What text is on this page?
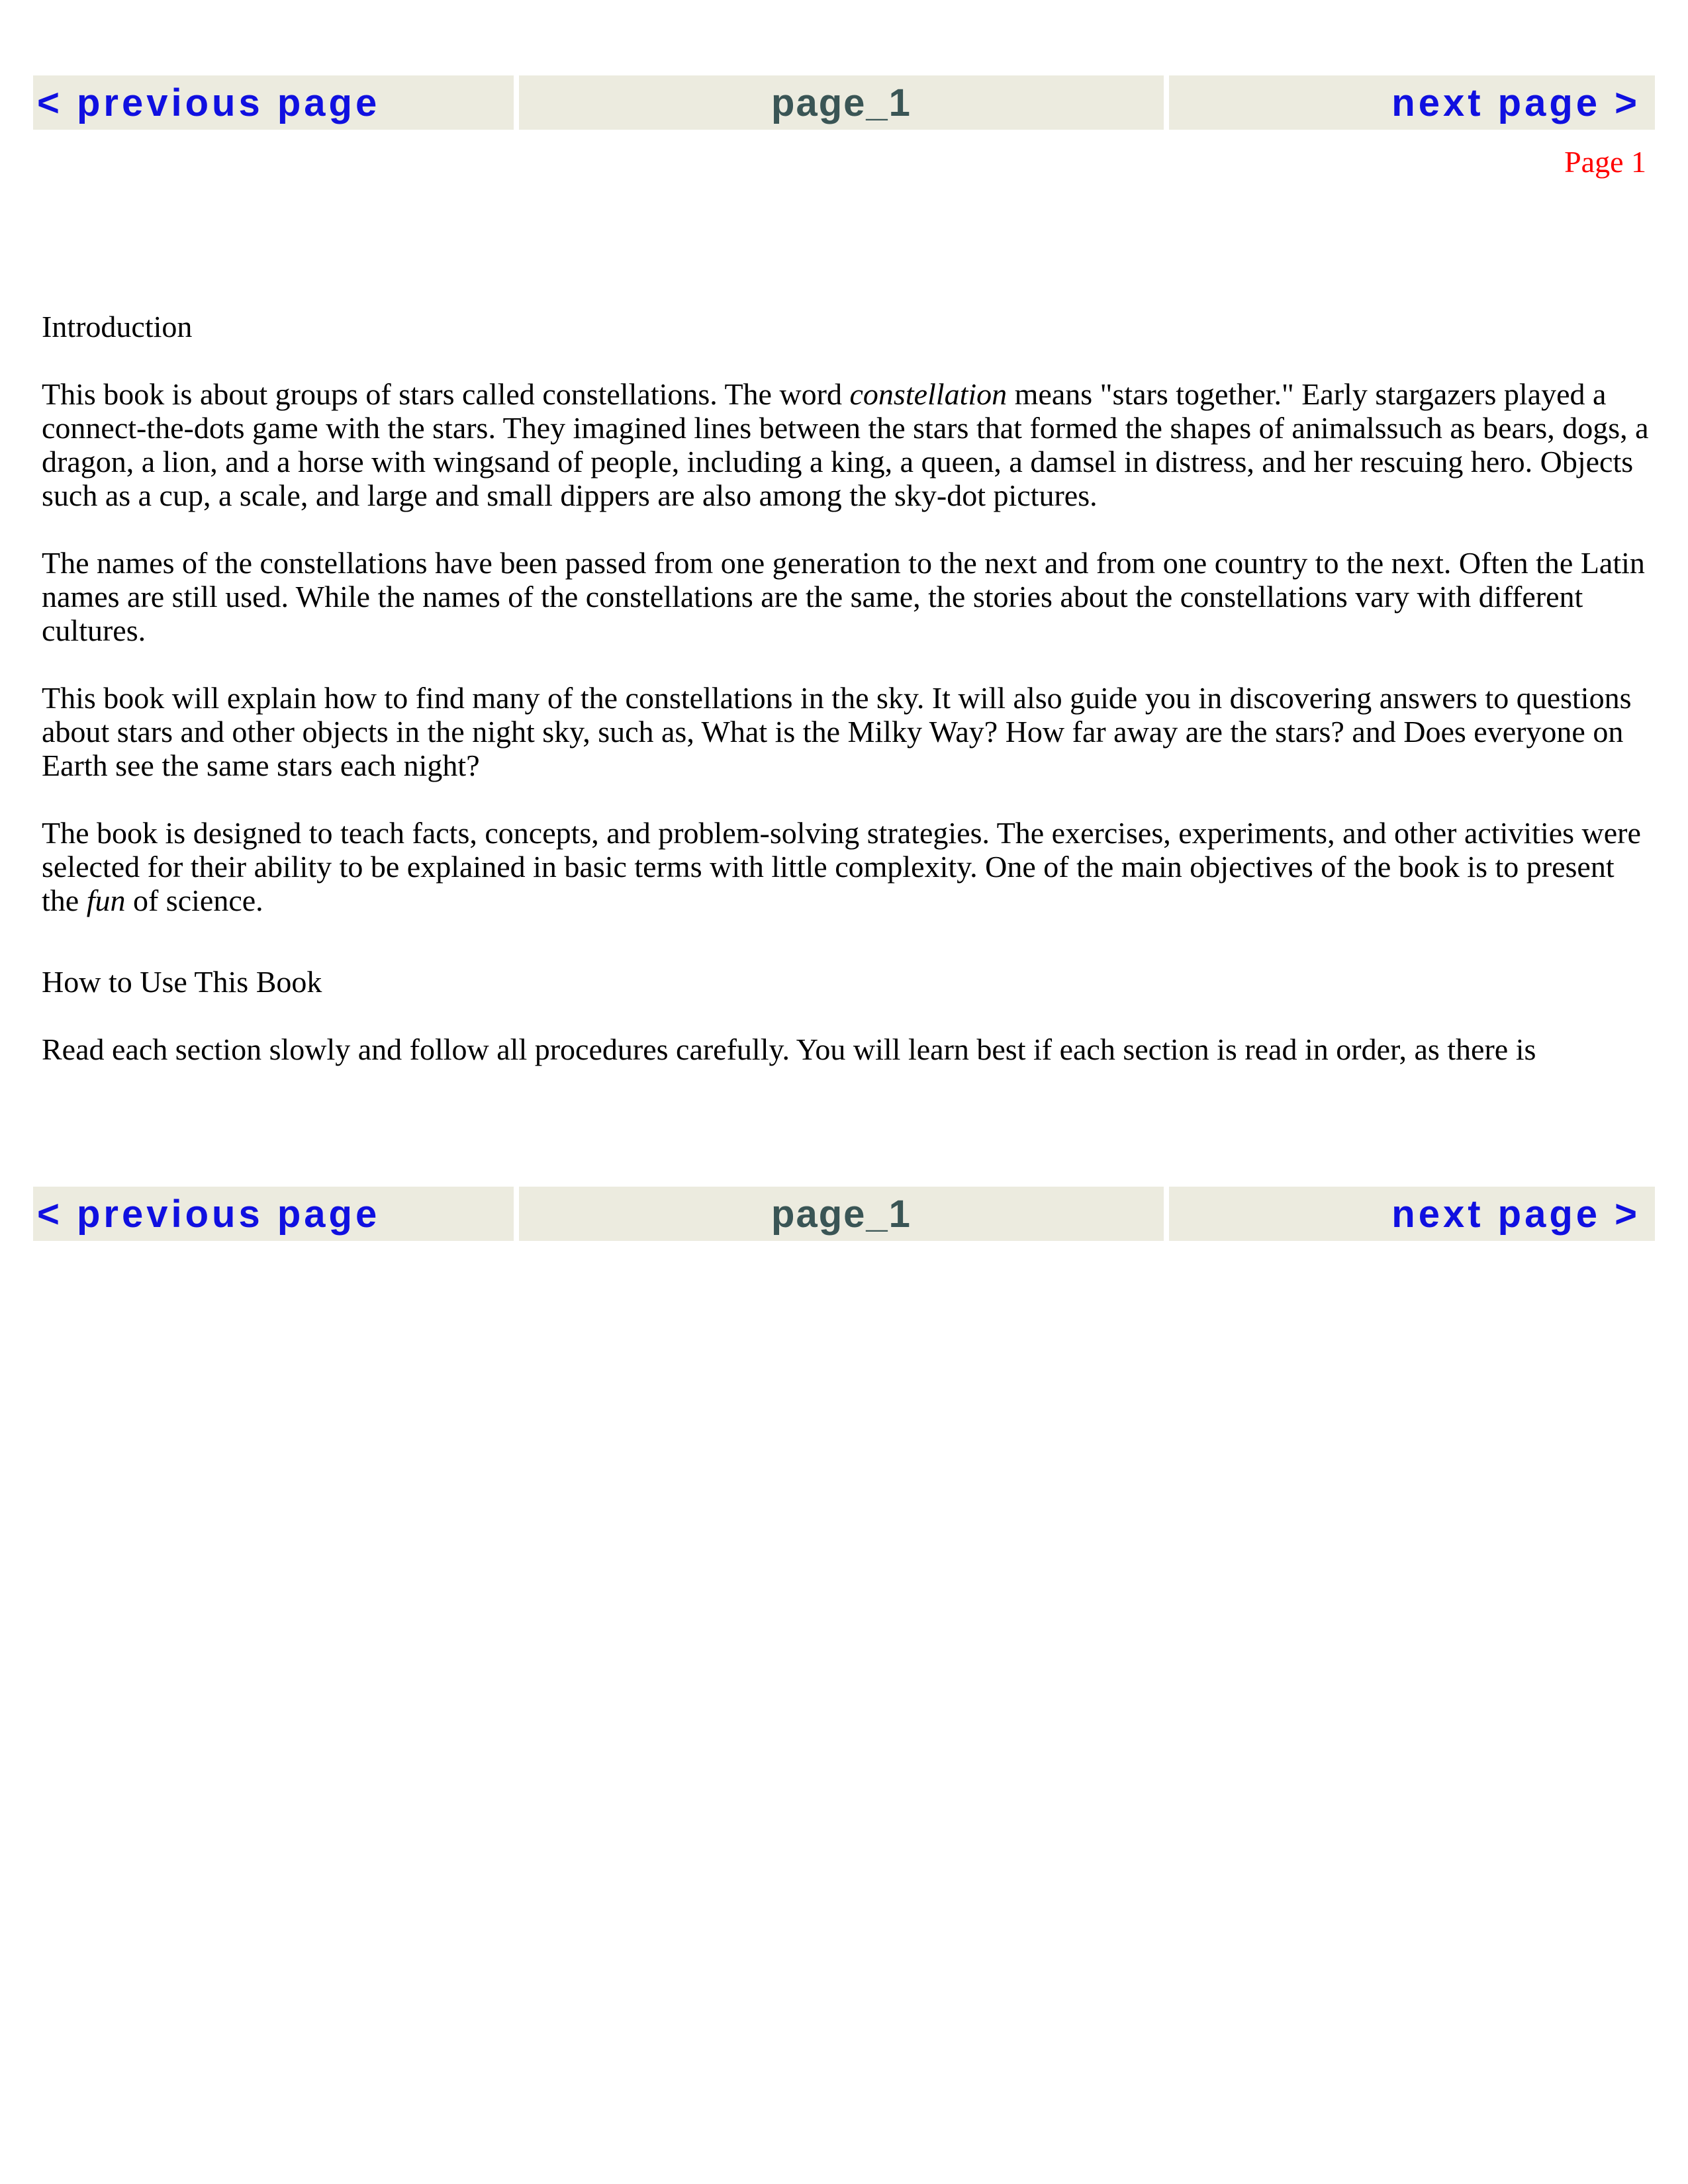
< previous page	page_1	next page >
Page 1

Introduction

This book is about groups of stars called constellations. The word constellation means "stars together." Early stargazers played a connect-the-dots game with the stars. They imagined lines between the stars that formed the shapes of animalssuch as bears, dogs, a dragon, a lion, and a horse with wingsand of people, including a king, a queen, a damsel in distress, and her rescuing hero. Objects such as a cup, a scale, and large and small dippers are also among the sky-dot pictures.

The names of the constellations have been passed from one generation to the next and from one country to the next. Often the Latin names are still used. While the names of the constellations are the same, the stories about the constellations vary with different cultures.

This book will explain how to find many of the constellations in the sky. It will also guide you in discovering answers to questions about stars and other objects in the night sky, such as, What is the Milky Way? How far away are the stars? and Does everyone on Earth see the same stars each night?

The book is designed to teach facts, concepts, and problem-solving strategies. The exercises, experiments, and other activities were selected for their ability to be explained in basic terms with little complexity. One of the main objectives of the book is to present the fun of science.

How to Use This Book

Read each section slowly and follow all procedures carefully. You will learn best if each section is read in order, as there is

< previous page	page_1	next page >
